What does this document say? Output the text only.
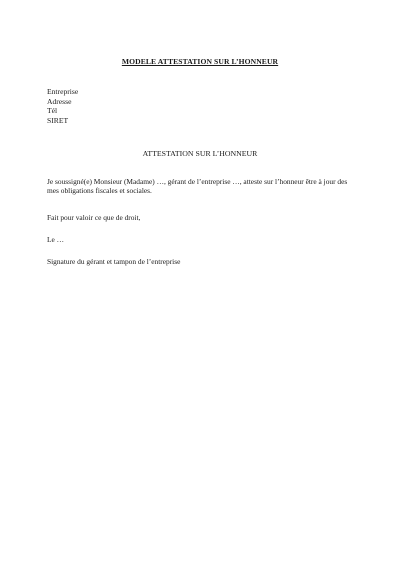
MODELE ATTESTATION SUR L’HONNEUR
Entreprise
Adresse
Tél
SIRET
ATTESTATION SUR L’HONNEUR
Je soussigné(e) Monsieur (Madame) …, gérant de l’entreprise …, atteste sur l’honneur être à jour des mes obligations fiscales et sociales.
Fait pour valoir ce que de droit,
Le …
Signature du gérant et tampon de l’entreprise
